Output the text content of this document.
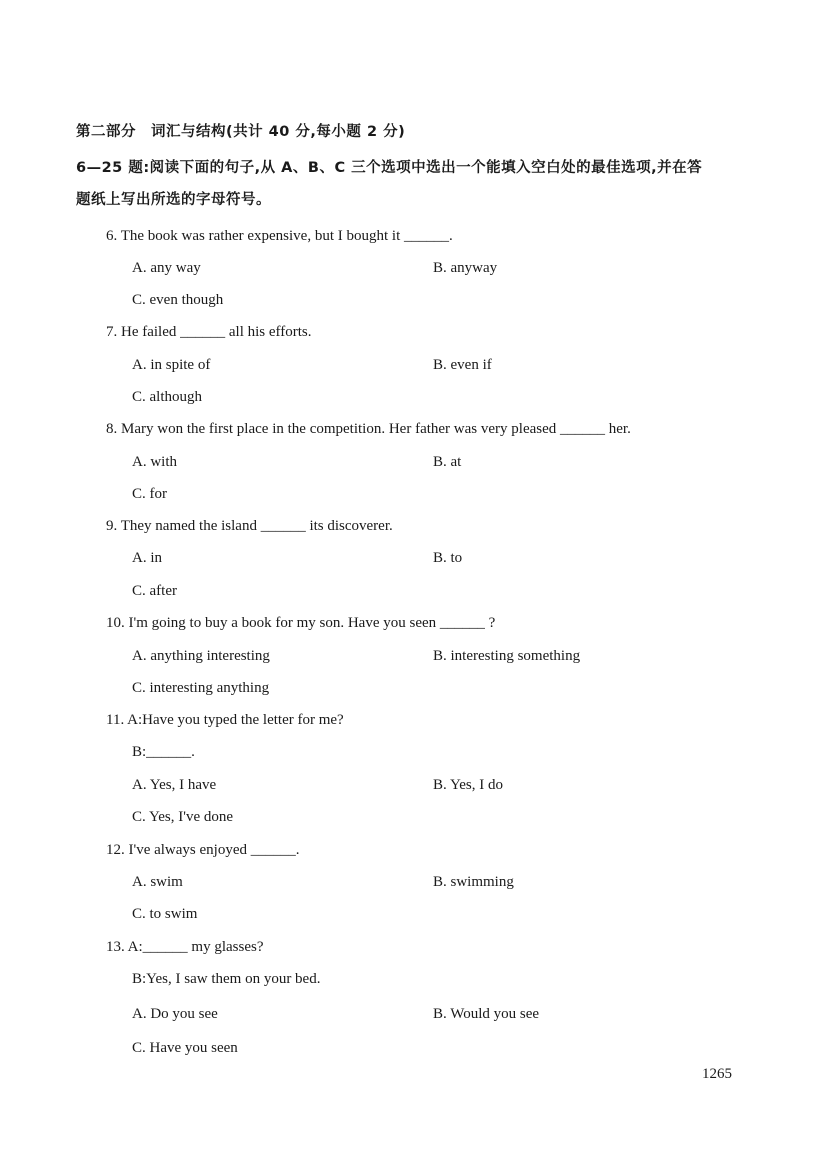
第二部分　词汇与结构(共计 40 分,每小题 2 分)
6—25 题:阅读下面的句子,从 A、B、C 三个选项中选出一个能填入空白处的最佳选项,并在答
题纸上写出所选的字母符号。
6. The book was rather expensive, but I bought it ______.
A. any way	B. anyway
C. even though
7. He failed ______ all his efforts.
A. in spite of	B. even if
C. although
8. Mary won the first place in the competition. Her father was very pleased ______ her.
A. with	B. at
C. for
9. They named the island ______ its discoverer.
A. in	B. to
C. after
10. I'm going to buy a book for my son. Have you seen ______ ?
A. anything interesting	B. interesting something
C. interesting anything
11. A:Have you typed the letter for me?
B:______.
A. Yes, I have	B. Yes, I do
C. Yes, I've done
12. I've always enjoyed ______.
A. swim	B. swimming
C. to swim
13. A:______ my glasses?
B:Yes, I saw them on your bed.
A. Do you see	B. Would you see
C. Have you seen
1265
